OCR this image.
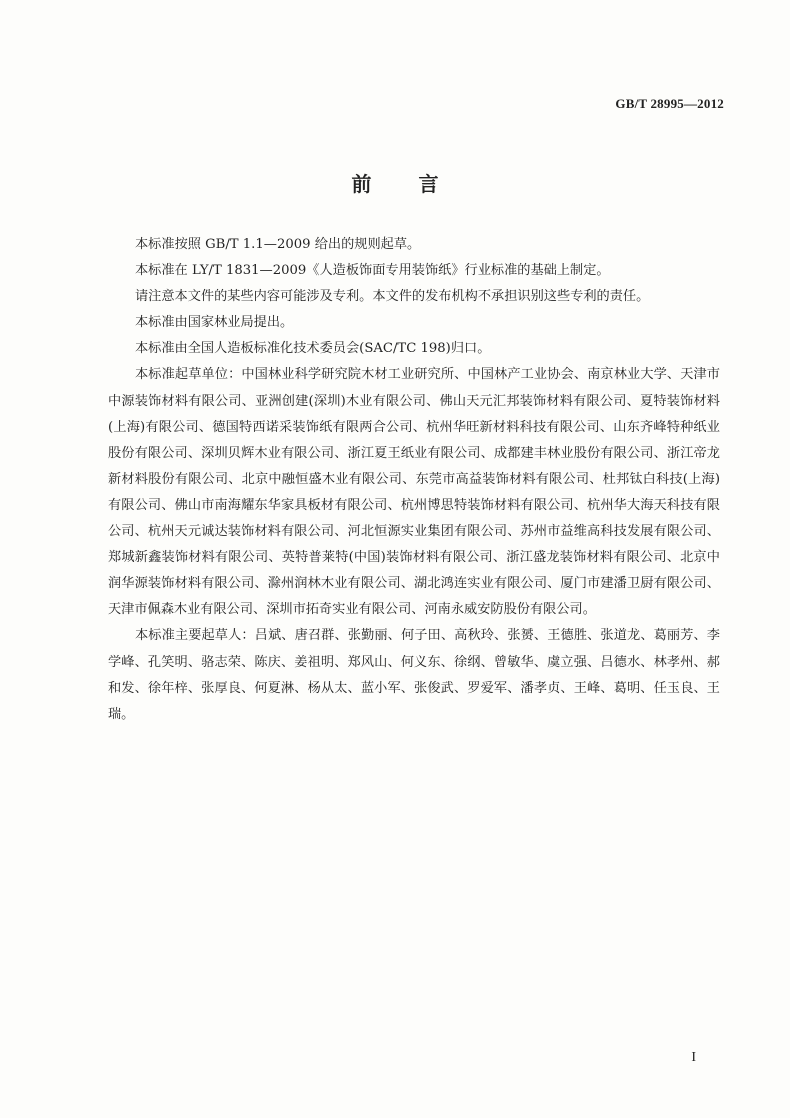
GB/T 28995—2012
前 言

本标准按照 GB/T 1.1—2009 给出的规则起草。

本标准在 LY/T 1831—2009《人造板饰面专用装饰纸》行业标准的基础上制定。

请注意本文件的某些内容可能涉及专利。本文件的发布机构不承担识别这些专利的责任。

本标准由国家林业局提出。

本标准由全国人造板标准化技术委员会(SAC/TC 198)归口。

本标准起草单位：中国林业科学研究院木材工业研究所、中国林产工业协会、南京林业大学、天津市中源装饰材料有限公司、亚洲创建(深圳)木业有限公司、佛山天元汇邦装饰材料有限公司、夏特装饰材料(上海)有限公司、德国特西诺采装饰纸有限两合公司、杭州华旺新材料科技有限公司、山东齐峰特种纸业股份有限公司、深圳贝辉木业有限公司、浙江夏王纸业有限公司、成都建丰林业股份有限公司、浙江帝龙新材料股份有限公司、北京中融恒盛木业有限公司、东莞市高益装饰材料有限公司、杜邦钛白科技(上海)有限公司、佛山市南海耀东华家具板材有限公司、杭州博思特装饰材料有限公司、杭州华大海天科技有限公司、杭州天元诚达装饰材料有限公司、河北恒源实业集团有限公司、苏州市益维高科技发展有限公司、郑城新鑫装饰材料有限公司、英特普莱特(中国)装饰材料有限公司、浙江盛龙装饰材料有限公司、北京中润华源装饰材料有限公司、滁州润林木业有限公司、湖北鸿连实业有限公司、厦门市建潘卫厨有限公司、天津市佩森木业有限公司、深圳市拓奇实业有限公司、河南永威安防股份有限公司。

本标准主要起草人：吕斌、唐召群、张勤丽、何子田、高秋玲、张赟、王德胜、张道龙、葛丽芳、李学峰、孔笑明、骆志荣、陈庆、姜祖明、郑风山、何义东、徐纲、曾敏华、虞立强、吕德水、林孝州、郝和发、徐年梓、张厚良、何夏淋、杨从太、蓝小军、张俊武、罗爱军、潘孝贞、王峰、葛明、任玉良、王瑞。

I
